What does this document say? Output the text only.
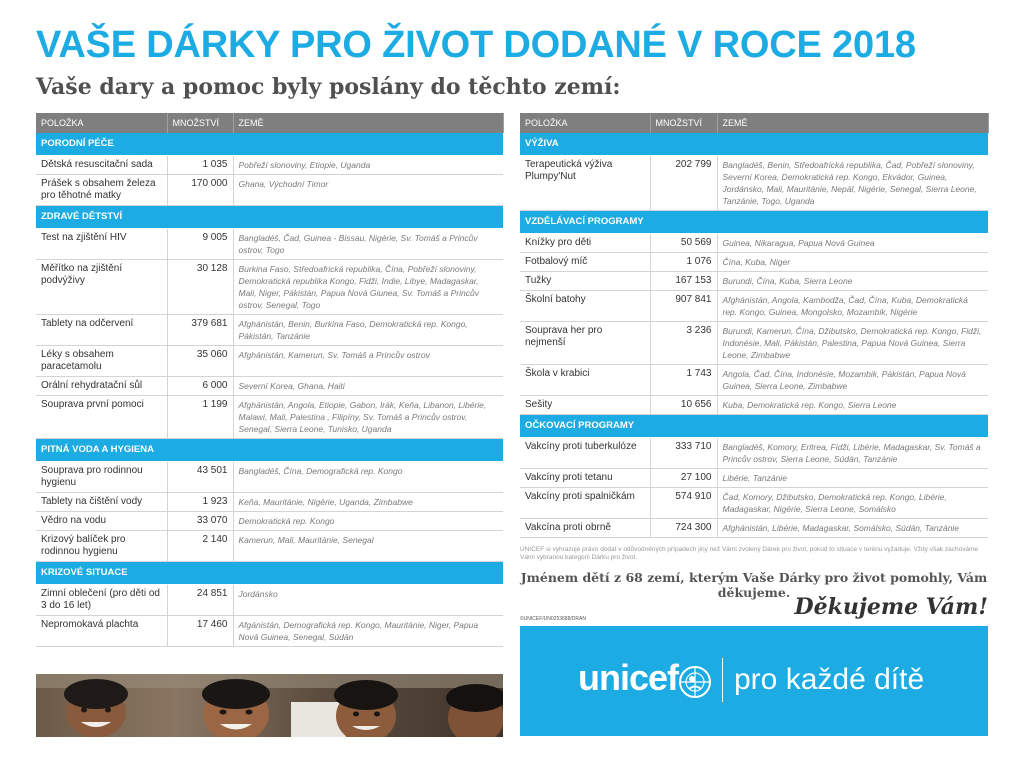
VAŠE DÁRKY PRO ŽIVOT DODANÉ V ROCE 2018
Vaše dary a pomoc byly poslány do těchto zemí:
POLOŽKA	MNOŽSTVÍ	ZEMĚ
PORODNÍ PÉČE		
Dětská resuscitační sada	1 035	Pobřeží slonoviny, Etiopie, Uganda
Prášek s obsahem železa pro těhotné matky	170 000	Ghana, Východní Timor
ZDRAVÉ DĚTSTVÍ		
Test na zjištění HIV	9 005	Bangladéš, Čad, Guinea - Bissau, Nigérie, Sv. Tomáš a Princův ostrov, Togo
Měřítko na zjištění podvýživy	30 128	Burkina Faso, Středoafrická republika, Čína, Pobřeží slonoviny, Demokratická republika Kongo, Fidži, Indie, Libye, Madagaskar, Mali, Niger, Pákistán, Papua Nová Giunea, Sv. Tomáš a Princův ostrov, Senegal, Togo
Tablety na odčervení	379 681	Afghánistán, Benin, Burkina Faso, Demokratická rep. Kongo, Pákistán, Tanzánie
Léky s obsahem paracetamolu	35 060	Afghánistán, Kamerun, Sv. Tomáš a Princův ostrov
Orální rehydratační sůl	6 000	Severní Korea, Ghana, Haiti
Souprava první pomoci	1 199	Afghánistán, Angola, Etiopie, Gabon, Irák, Keňa, Libanon, Libérie, Malawi, Mali, Palestina , Filipíny, Sv. Tomáš a Princův ostrov, Senegal, Sierra Leone, Tunisko, Uganda
PITNÁ VODA A HYGIENA		
Souprava pro rodinnou hygienu	43 501	Bangladéš, Čína, Demografická rep. Kongo
Tablety na čištění vody	1 923	Keňa, Mauritánie, Nigérie, Uganda, Zimbabwe
Vědro na vodu	33 070	Demokratická rep. Kongo
Krizový balíček pro rodinnou hygienu	2 140	Kamerun, Mali, Mauritánie, Senegal
KRIZOVÉ SITUACE		
Zimní oblečení (pro děti od 3 do 16 let)	24 851	Jordánsko
Nepromokavá plachta	17 460	Afgánistán, Demografická rep. Kongo, Mauritánie, Niger, Papua Nová Guinea, Senegal, Súdán
POLOŽKA	MNOŽSTVÍ	ZEMĚ
VÝŽIVA		
Terapeutická výživa Plumpy'Nut	202 799	Bangladéš, Benin, Středoafrická republika, Čad, Pobřeží slonoviny, Severní Korea, Demokratická rep. Kongo, Ekvádor, Guinea, Jordánsko, Mali, Mauritánie, Nepál, Nigérie, Senegal, Sierra Leone, Tanzánie, Togo, Uganda
VZDĚLÁVACÍ PROGRAMY		
Knížky pro děti	50 569	Guinea, Nikaragua, Papua Nová Guinea
Fotbalový míč	1 076	Čína, Kuba, Niger
Tužky	167 153	Burundi, Čína, Kuba, Sierra Leone
Školní batohy	907 841	Afghánistán, Angola, Kambodža, Čad, Čína, Kuba, Demokratická rep. Kongo, Guinea, Mongolsko, Mozambik, Nigérie
Souprava her pro nejmenší	3 236	Burundi, Kamerun, Čína, Džibutsko, Demokratická rep. Kongo, Fidži, Indonésie, Mali, Pákistán, Palestina, Papua Nová Guinea, Sierra Leone, Zimbabwe
Škola v krabici	1 743	Angola, Čad, Čína, Indonésie, Mozambik, Pákistán, Papua Nová Guinea, Sierra Leone, Zimbabwe
Sešity	10 656	Kuba, Demokratická rep. Kongo, Sierra Leone
OČKOVACÍ PROGRAMY		
Vakcíny proti tuberkulóze	333 710	Bangladéš, Komory, Eritrea, Fidži, Libérie, Madagaskar, Sv. Tomáš a Princův ostrov, Sierra Leone, Súdán, Tanzánie
Vakcíny proti tetanu	27 100	Libérie, Tanzánie
Vakcíny proti spalničkám	574 910	Čad, Komory, Džibutsko, Demokratická rep. Kongo, Libérie, Madagaskar, Nigérie, Sierra Leone, Somálsko
Vakcína proti obrně	724 300	Afghánistán, Libérie, Madagaskar, Somálsko, Súdán, Tanzánie
UNICEF si vyhrazuje právo dodat v odůvodněných případech jiný než Vámi zvolený Dárek pro život, pokud to situace v terénu vyžaduje. Vždy však zachováme Vámi vybranou kategorii Dárku pro život.
Jménem dětí z 68 zemí, kterým Vaše Dárky pro život pomohly, Vám děkujeme.
Děkujeme Vám!
©UNICEF/UN0253688/DRAN
unicef pro každé dítě
